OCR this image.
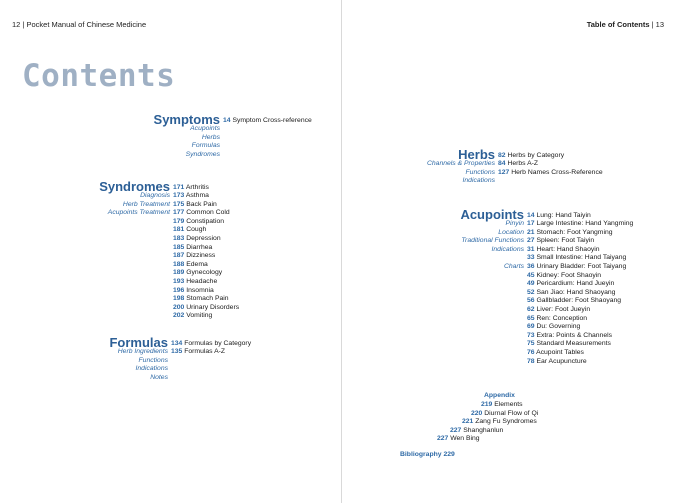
12 | Pocket Manual of Chinese Medicine
Contents
Table of Contents | 13
Symptoms 14 Symptom Cross-reference
Acupoints
Herbs
Formulas
Syndromes
Syndromes 171 Arthritis
Diagnosis 173 Asthma
Herb Treatment 175 Back Pain
Acupoints Treatment 177 Common Cold
179 Constipation
181 Cough
183 Depression
185 Diarrhea
187 Dizziness
188 Edema
189 Gynecology
193 Headache
196 Insomnia
198 Stomach Pain
200 Urinary Disorders
202 Vomiting
Formulas 134 Formulas by Category
Herb Ingredients 135 Formulas A-Z
Functions
Indications
Notes
Herbs 82 Herbs by Category
Channels & Properties 84 Herbs A-Z
Functions 127 Herb Names Cross-Reference
Indications
Acupoints 14 Lung: Hand Taiyin
Pinyin 17 Large Intestine: Hand Yangming
Location 21 Stomach: Foot Yangming
Traditional Functions 27 Spleen: Foot Taiyin
Indications 31 Heart: Hand Shaoyin
33 Small Intestine: Hand Taiyang
Charts 36 Urinary Bladder: Foot Taiyang
45 Kidney: Foot Shaoyin
49 Pericardium: Hand Jueyin
52 San Jiao: Hand Shaoyang
56 Gallbladder: Foot Shaoyang
62 Liver: Foot Jueyin
65 Ren: Conception
69 Du: Governing
73 Extra: Points & Channels
75 Standard Measurements
76 Acupoint Tables
78 Ear Acupuncture
Appendix
219 Elements
220 Diurnal Flow of Qi
221 Zang Fu Syndromes
227 Shanghanlun
227 Wen Bing
Bibliography 229
